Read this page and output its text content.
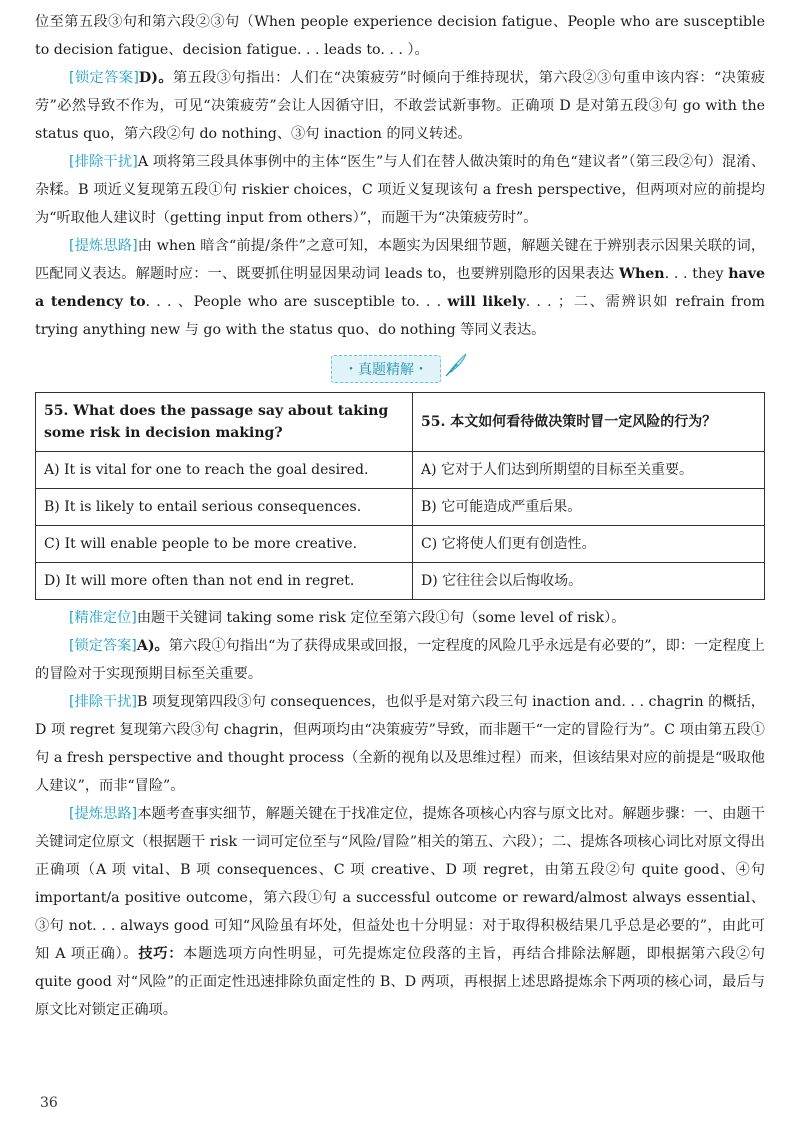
位至第五段③句和第六段②③句（When people experience decision fatigue、People who are susceptible to decision fatigue、decision fatigue. . . leads to. . . ）。

[锁定答案]D)。第五段③句指出：人们在“决策疲劳”时倾向于维持现状，第六段②③句重申该内容：“决策疲劳”必然导致不作为，可见“决策疲劳”会让人因循守旧，不敢尝试新事物。正确项 D 是对第五段③句 go with the status quo，第六段②句 do nothing、③句 inaction 的同义转述。

[排除干扰]A 项将第三段具体事例中的主体“医生”与人们在替人做决策时的角色“建议者”（第三段②句）混淆、杂糅。B 项近义复现第五段①句 riskier choices，C 项近义复现该句 a fresh perspective，但两项对应的前提均为“听取他人建议时（getting input from others）”，而题干为“决策疲劳时”。

[提炼思路]由 when 暗含“前提/条件”之意可知，本题实为因果细节题，解题关键在于辨别表示因果关联的词，匹配同义表达。解题时应：一、既要抓住明显因果动词 leads to，也要辨别隐形的因果表达 When. . . they have a tendency to. . . 、People who are susceptible to. . . will likely. . . ；二、需辨识如 refrain from trying anything new 与 go with the status quo、do nothing 等同义表达。

・真题精解・
55. What does the passage say about taking some risk in decision making?	55. 本文如何看待做决策时冒一定风险的行为？
A) It is vital for one to reach the goal desired.	A) 它对于人们达到所期望的目标至关重要。
B) It is likely to entail serious consequences.	B) 它可能造成严重后果。
C) It will enable people to be more creative.	C) 它将使人们更有创造性。
D) It will more often than not end in regret.	D) 它往往会以后悔收场。

[精准定位]由题干关键词 taking some risk 定位至第六段①句（some level of risk）。

[锁定答案]A)。第六段①句指出“为了获得成果或回报，一定程度的风险几乎永远是有必要的”，即：一定程度上的冒险对于实现预期目标至关重要。

[排除干扰]B 项复现第四段③句 consequences，也似乎是对第六段三句 inaction and. . . chagrin 的概括，D 项 regret 复现第六段③句 chagrin，但两项均由“决策疲劳”导致，而非题干“一定的冒险行为”。C 项由第五段①句 a fresh perspective and thought process（全新的视角以及思维过程）而来，但该结果对应的前提是“吸取他人建议”，而非“冒险”。

[提炼思路]本题考查事实细节，解题关键在于找准定位，提炼各项核心内容与原文比对。解题步骤：一、由题干关键词定位原文（根据题干 risk 一词可定位至与“风险/冒险”相关的第五、六段）；二、提炼各项核心词比对原文得出正确项（A 项 vital、B 项 consequences、C 项 creative、D 项 regret，由第五段②句 quite good、④句 important/a positive outcome，第六段①句 a successful outcome or reward/almost always essential、③句 not. . . always good 可知“风险虽有坏处，但益处也十分明显：对于取得积极结果几乎总是必要的”，由此可知 A 项正确）。技巧：本题选项方向性明显，可先提炼定位段落的主旨，再结合排除法解题，即根据第六段②句 quite good 对“风险”的正面定性迅速排除负面定性的 B、D 两项，再根据上述思路提炼余下两项的核心词，最后与原文比对锁定正确项。

36
